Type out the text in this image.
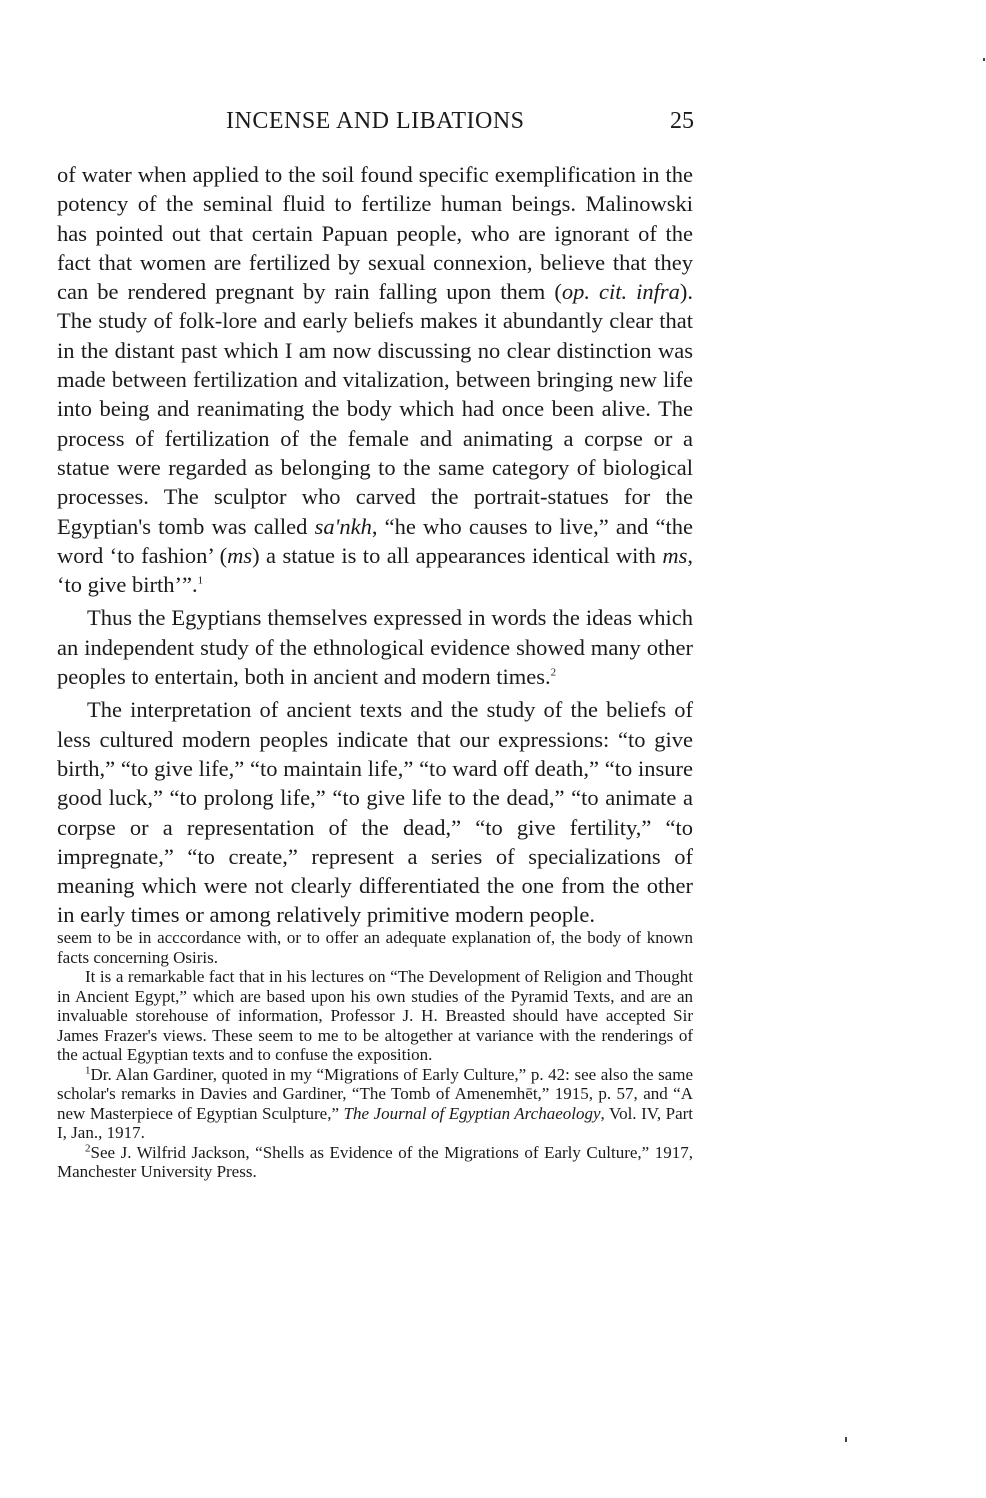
INCENSE AND LIBATIONS	25

of water when applied to the soil found specific exemplification in the potency of the seminal fluid to fertilize human beings. Malinowski has pointed out that certain Papuan people, who are ignorant of the fact that women are fertilized by sexual connexion, believe that they can be rendered pregnant by rain falling upon them (op. cit. infra). The study of folk-lore and early beliefs makes it abundantly clear that in the distant past which I am now discussing no clear distinction was made between fertilization and vitalization, between bringing new life into being and reanimating the body which had once been alive. The process of fertilization of the female and animating a corpse or a statue were regarded as belonging to the same category of biological processes. The sculptor who carved the portrait-statues for the Egyptian's tomb was called sa'nkh, “he who causes to live,” and “the word ‘to fashion’ (ms) a statue is to all appearances identical with ms, ‘to give birth’”.$^1$

Thus the Egyptians themselves expressed in words the ideas which an independent study of the ethnological evidence showed many other peoples to entertain, both in ancient and modern times.$^2$

The interpretation of ancient texts and the study of the beliefs of less cultured modern peoples indicate that our expressions: “to give birth,” “to give life,” “to maintain life,” “to ward off death,” “to insure good luck,” “to prolong life,” “to give life to the dead,” “to animate a corpse or a representation of the dead,” “to give fertility,” “to impregnate,” “to create,” represent a series of specializations of meaning which were not clearly differentiated the one from the other in early times or among relatively primitive modern people.

seem to be in acccordance with, or to offer an adequate explanation of, the body of known facts concerning Osiris.

It is a remarkable fact that in his lectures on “The Development of Religion and Thought in Ancient Egypt,” which are based upon his own studies of the Pyramid Texts, and are an invaluable storehouse of information, Professor J. H. Breasted should have accepted Sir James Frazer's views. These seem to me to be altogether at variance with the renderings of the actual Egyptian texts and to confuse the exposition.

$^1$Dr. Alan Gardiner, quoted in my “Migrations of Early Culture,” p. 42: see also the same scholar's remarks in Davies and Gardiner, “The Tomb of Amenemhēt,” 1915, p. 57, and “A new Masterpiece of Egyptian Sculpture,” The Journal of Egyptian Archaeology, Vol. IV, Part I, Jan., 1917.

$^2$See J. Wilfrid Jackson, “Shells as Evidence of the Migrations of Early Culture,” 1917, Manchester University Press.
